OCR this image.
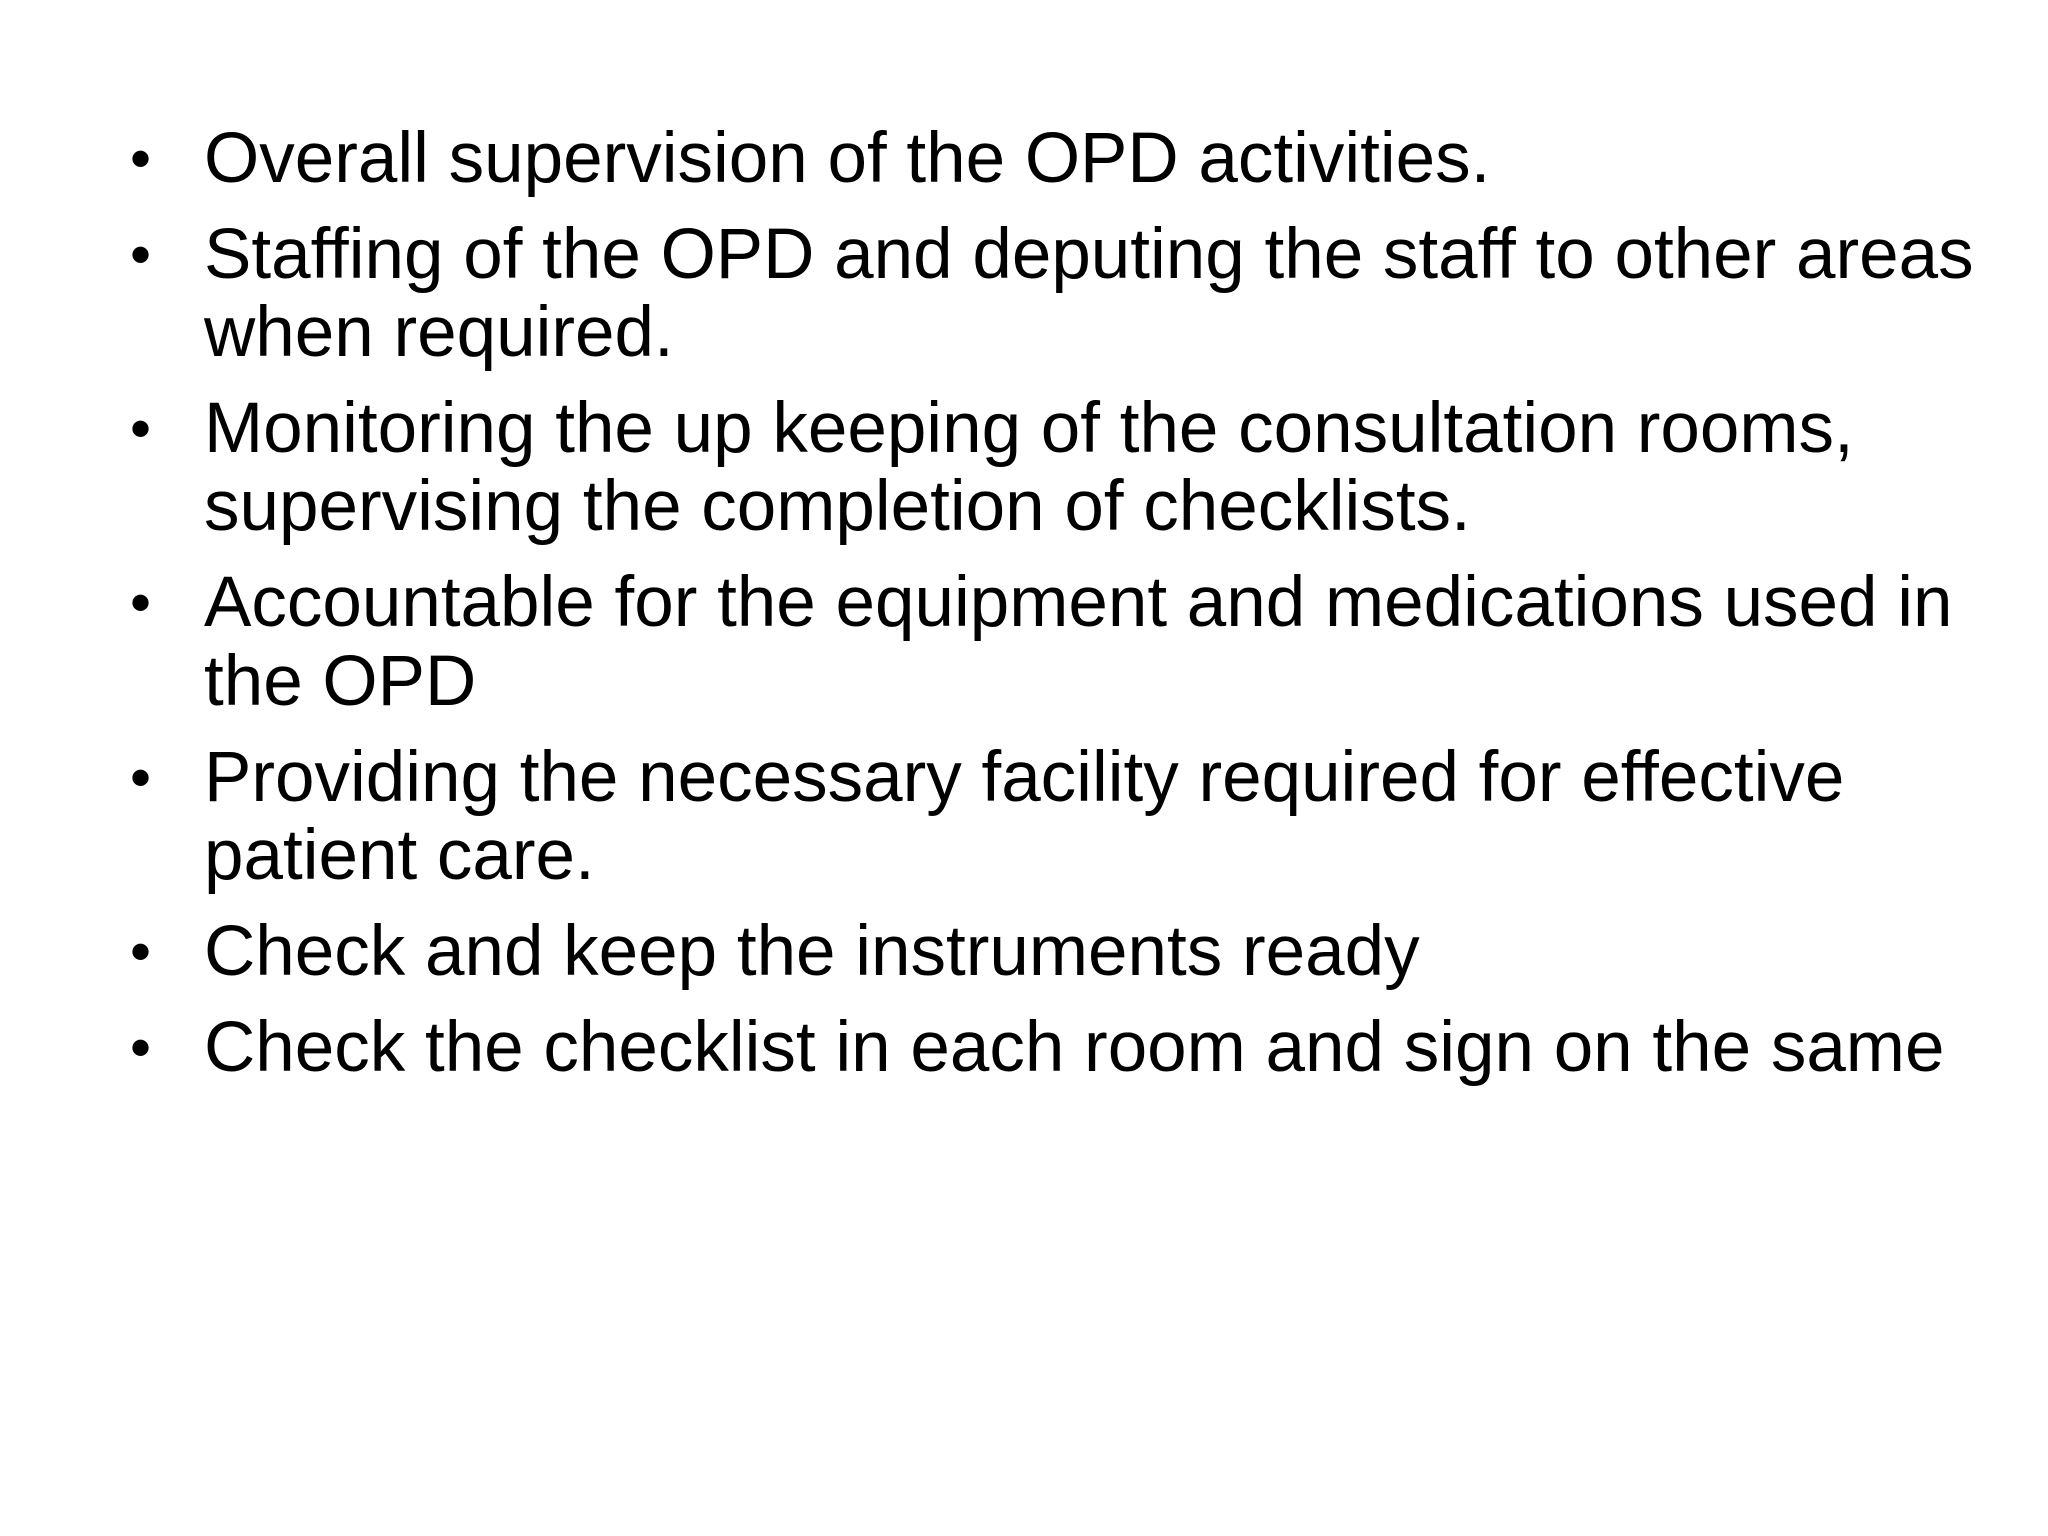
• Overall supervision of the OPD activities.
• Staffing of the OPD and deputing the staff to other areas when required.
• Monitoring the up keeping of the consultation rooms, supervising the completion of checklists.
• Accountable for the equipment and medications used in the OPD
• Providing the necessary facility required for effective patient care.
• Check and keep the instruments ready
• Check the checklist in each room and sign on the same
